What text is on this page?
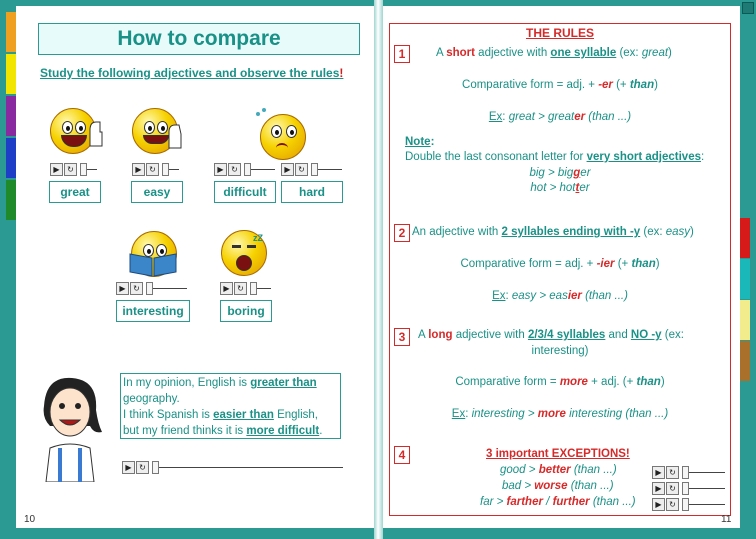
How to compare
Study the following adjectives and observe the rules!
▶ ↻	▶ ↻	▶ ↻	▶ ↻
great	easy	difficult	hard
zZ
▶ ↻	▶ ↻
interesting	boring
In my opinion, English is greater than
geography.
I think Spanish is easier than English,
but my friend thinks it is more difficult.
▶ ↻
10
THE RULES
1	A short adjective with one syllable (ex: great)
Comparative form = adj. + -er (+ than)
Ex: great > greater (than ...)
Note:
Double the last consonant letter for very short adjectives:
big > bigger
hot > hotter
2 An adjective with 2 syllables ending with -y (ex: easy)
Comparative form = adj. + -ier (+ than)
Ex: easy > easier (than ...)
3	A long adjective with 2/3/4 syllables and NO -y (ex:
interesting)
Comparative form = more + adj. (+ than)
Ex: interesting > more interesting (than ...)
4	3 important EXCEPTIONS!
good > better (than ...)
bad > worse (than ...)
far > farther / further (than ...)
▶ ↻
▶ ↻
▶ ↻
11
